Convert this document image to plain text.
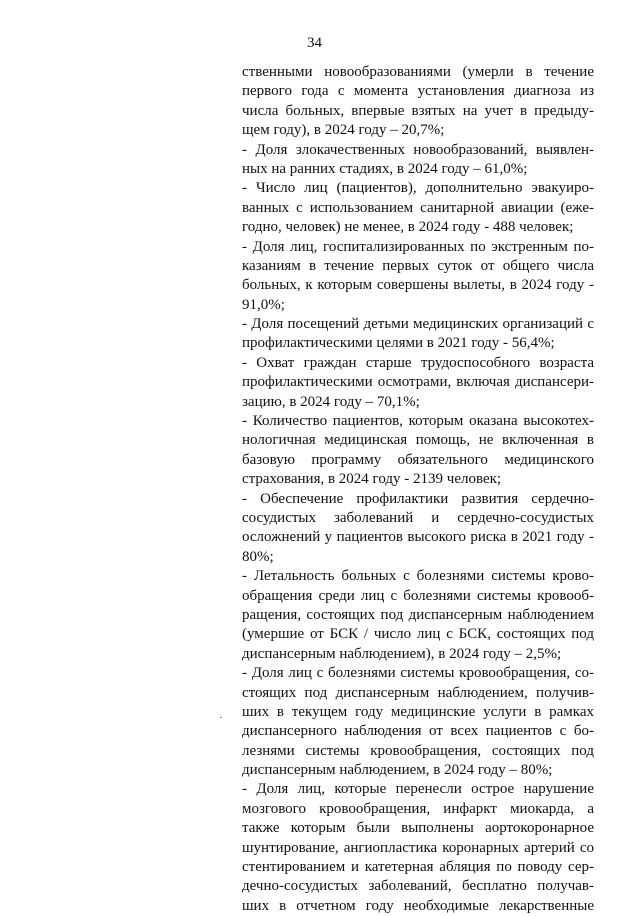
34
·
ственными новообразованиями (умерли в течение
первого года с момента установления диагноза из
числа больных, впервые взятых на учет в предыду-
щем году), в 2024 году – 20,7%;
- Доля злокачественных новообразований, выявлен-
ных на ранних стадиях, в 2024 году – 61,0%;
- Число лиц (пациентов), дополнительно эвакуиро-
ванных с использованием санитарной авиации (еже-
годно, человек) не менее, в 2024 году - 488 человек;
- Доля лиц, госпитализированных по экстренным по-
казаниям в течение первых суток от общего числа
больных, к которым совершены вылеты, в 2024 году -
91,0%;
- Доля посещений детьми медицинских организаций с
профилактическими целями в 2021 году - 56,4%;
- Охват граждан старше трудоспособного возраста
профилактическими осмотрами, включая диспансери-
зацию, в 2024 году – 70,1%;
- Количество пациентов, которым оказана высокотех-
нологичная медицинская помощь, не включенная в
базовую программу обязательного медицинского
страхования, в 2024 году - 2139 человек;
- Обеспечение профилактики развития сердечно-
сосудистых заболеваний и сердечно-сосудистых
осложнений у пациентов высокого риска в 2021 году -
80%;
- Летальность больных с болезнями системы крово-
обращения среди лиц с болезнями системы кровооб-
ращения, состоящих под диспансерным наблюдением
(умершие от БСК / число лиц с БСК, состоящих под
диспансерным наблюдением), в 2024 году – 2,5%;
- Доля лиц с болезнями системы кровообращения, со-
стоящих под диспансерным наблюдением, получив-
ших в текущем году медицинские услуги в рамках
диспансерного наблюдения от всех пациентов с бо-
лезнями системы кровообращения, состоящих под
диспансерным наблюдением, в 2024 году – 80%;
- Доля лиц, которые перенесли острое нарушение
мозгового кровообращения, инфаркт миокарда, а
также которым были выполнены аортокоронарное
шунтирование, ангиопластика коронарных артерий со
стентированием и катетерная абляция по поводу сер-
дечно-сосудистых заболеваний, бесплатно получав-
ших в отчетном году необходимые лекарственные
